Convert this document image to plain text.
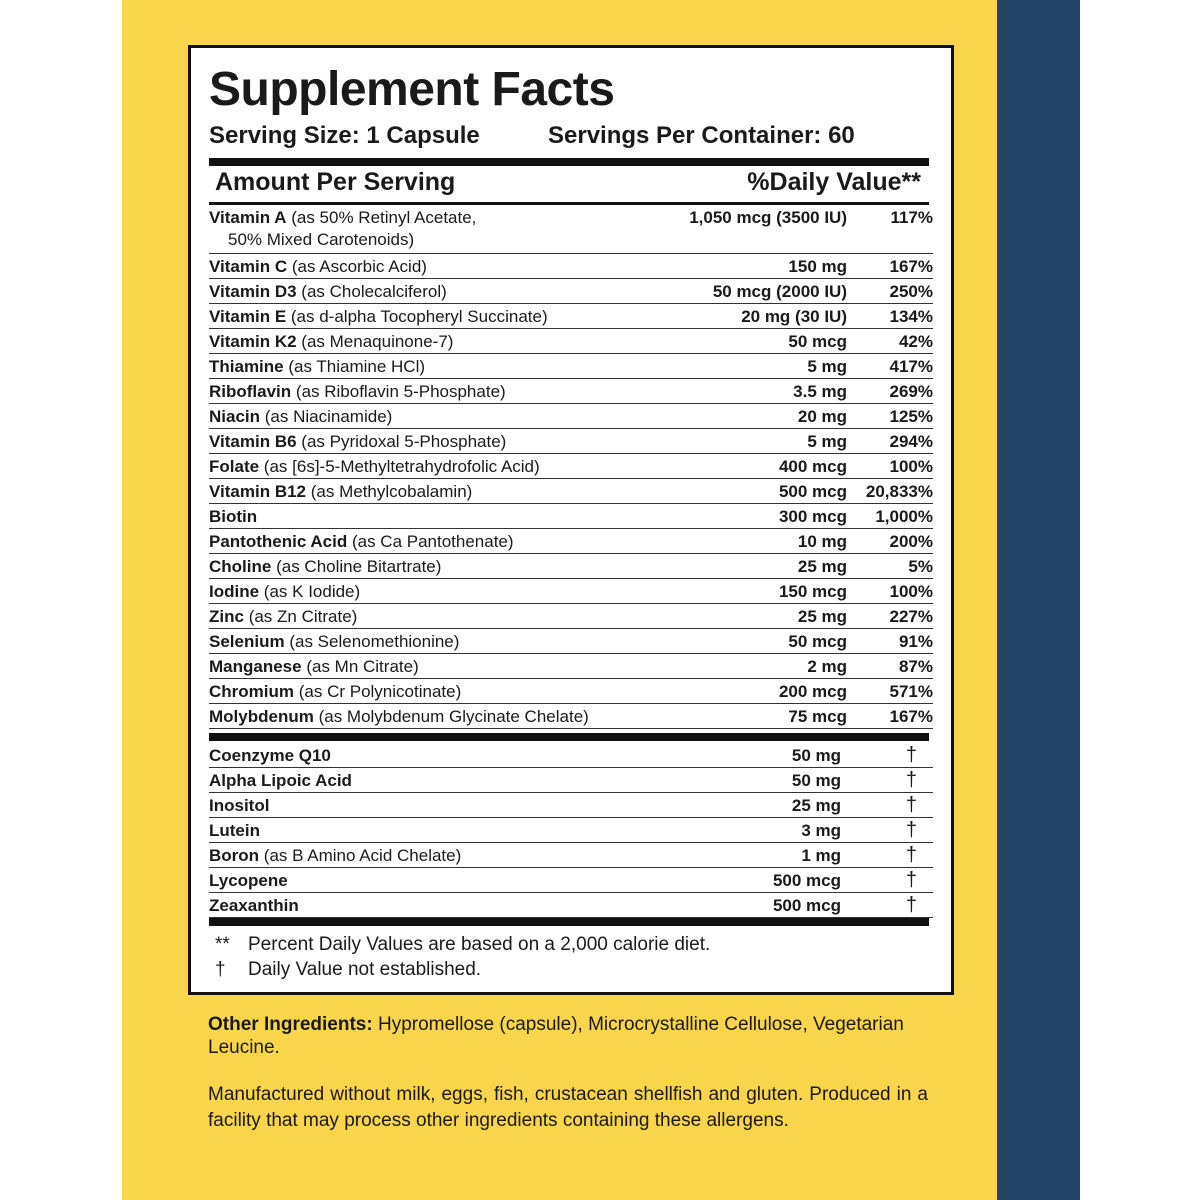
Supplement Facts
Serving Size: 1 Capsule	Servings Per Container: 60
Amount Per Serving	%Daily Value**
Vitamin A (as 50% Retinyl Acetate,
50% Mixed Carotenoids)
1,050 mcg (3500 IU)	117%
Vitamin C (as Ascorbic Acid)	150 mg	167%
Vitamin D3 (as Cholecalciferol)	50 mcg (2000 IU)	250%
Vitamin E (as d-alpha Tocopheryl Succinate)	20 mg (30 IU)	134%
Vitamin K2 (as Menaquinone-7)	50 mcg	42%
Thiamine (as Thiamine HCl)	5 mg	417%
Riboflavin (as Riboflavin 5-Phosphate)	3.5 mg	269%
Niacin (as Niacinamide)	20 mg	125%
Vitamin B6 (as Pyridoxal 5-Phosphate)	5 mg	294%
Folate (as [6s]-5-Methyltetrahydrofolic Acid)	400 mcg	100%
Vitamin B12 (as Methylcobalamin)	500 mcg 20,833%
Biotin	300 mcg 1,000%
Pantothenic Acid (as Ca Pantothenate)	10 mg	200%
Choline (as Choline Bitartrate)	25 mg	5%
Iodine (as K Iodide)	150 mcg	100%
Zinc (as Zn Citrate)	25 mg	227%
Selenium (as Selenomethionine)	50 mcg	91%
Manganese (as Mn Citrate)	2 mg	87%
Chromium (as Cr Polynicotinate)	200 mcg	571%
Molybdenum (as Molybdenum Glycinate Chelate)	75 mcg	167%
Coenzyme Q10	50 mg	†
Alpha Lipoic Acid	50 mg	†
Inositol	25 mg	†
Lutein	3 mg	†
Boron (as B Amino Acid Chelate)	1 mg	†
Lycopene	500 mcg	†
Zeaxanthin	500 mcg	†
** Percent Daily Values are based on a 2,000 calorie diet.
† Daily Value not established.
Other Ingredients: Hypromellose (capsule), Microcrystalline Cellulose, Vegetarian Leucine.
Manufactured without milk, eggs, fish, crustacean shellfish and gluten. Produced in a facility that may process other ingredients containing these allergens.
